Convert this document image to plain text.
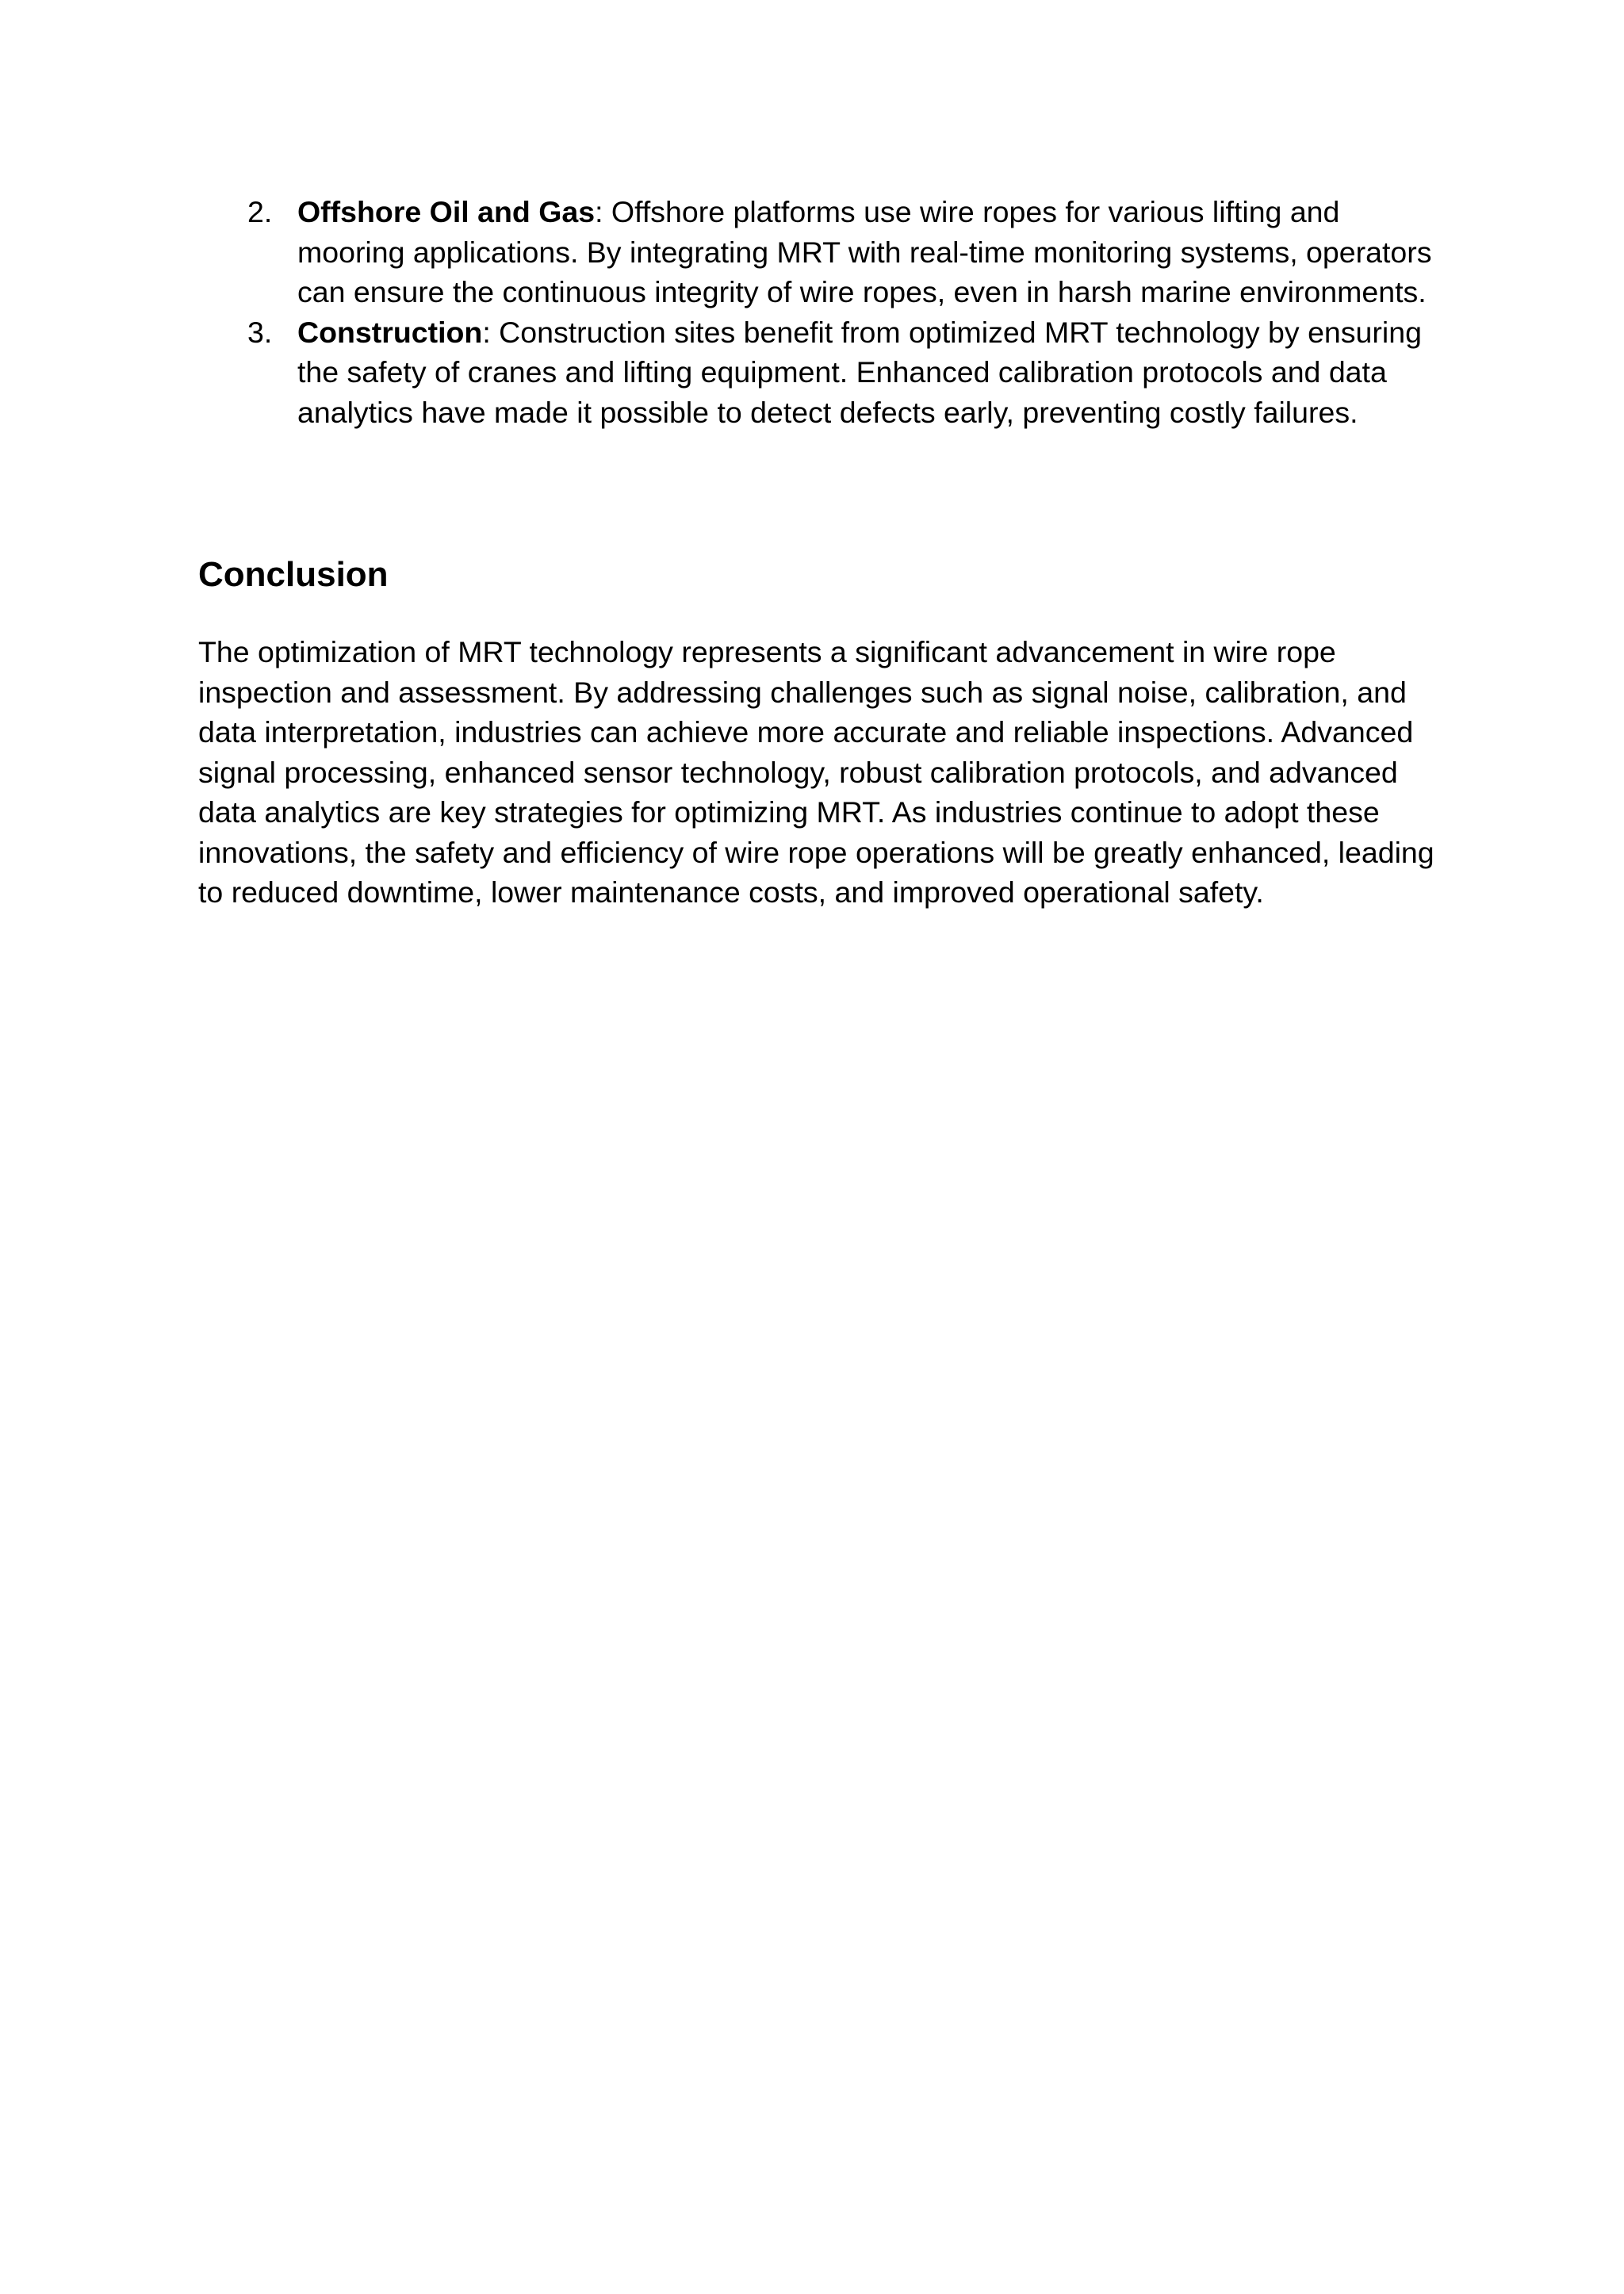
2. Offshore Oil and Gas: Offshore platforms use wire ropes for various lifting and mooring applications. By integrating MRT with real-time monitoring systems, operators can ensure the continuous integrity of wire ropes, even in harsh marine environments.
3. Construction: Construction sites benefit from optimized MRT technology by ensuring the safety of cranes and lifting equipment. Enhanced calibration protocols and data analytics have made it possible to detect defects early, preventing costly failures.
Conclusion

The optimization of MRT technology represents a significant advancement in wire rope inspection and assessment. By addressing challenges such as signal noise, calibration, and data interpretation, industries can achieve more accurate and reliable inspections. Advanced signal processing, enhanced sensor technology, robust calibration protocols, and advanced data analytics are key strategies for optimizing MRT. As industries continue to adopt these innovations, the safety and efficiency of wire rope operations will be greatly enhanced, leading to reduced downtime, lower maintenance costs, and improved operational safety.
